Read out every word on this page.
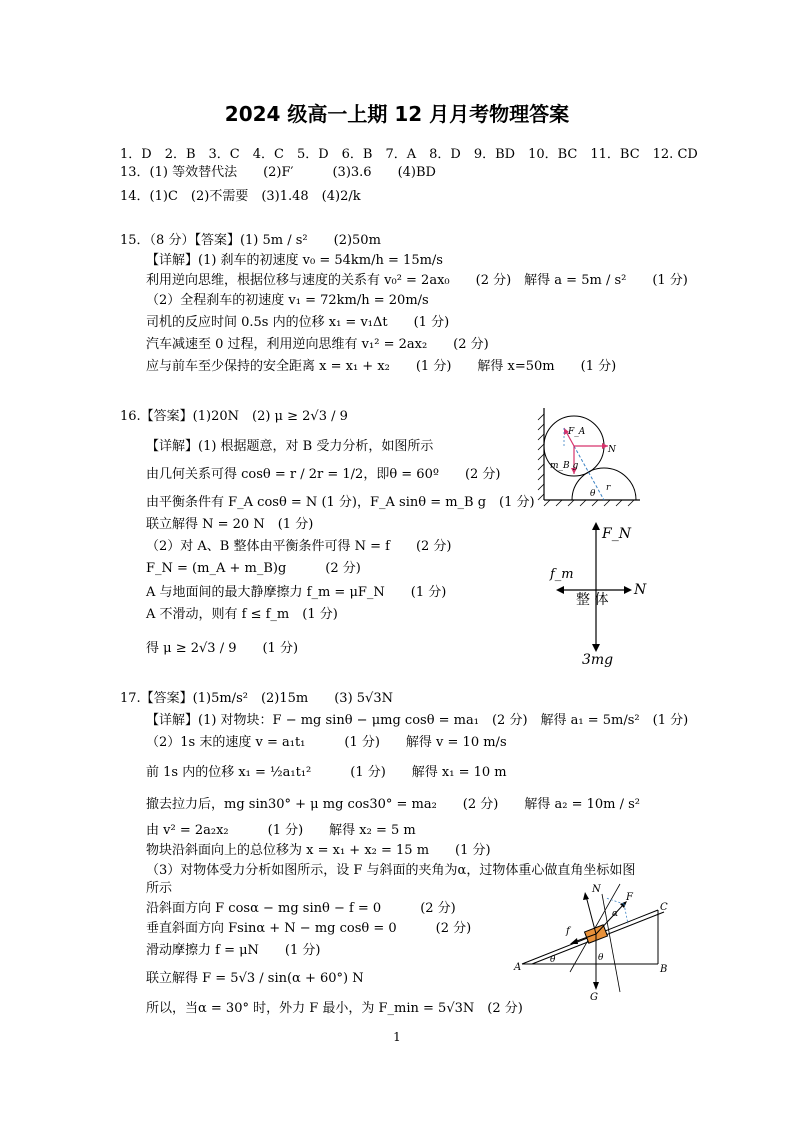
2024 级高一上期 12 月月考物理答案
1．D　2．B　3．C　4．C　5．D　6．B　7．A　8．D　9．BD　10．BC　11．BC　12. CD
13．(1) 等效替代法　　(2)F′　　　(3)3.6　　(4)BD
14．(1)C　(2)不需要　(3)1.48　(4)2/k
15．（8 分）【答案】(1) 5m / s²　　(2)50m
【详解】(1) 刹车的初速度 v₀ = 54km/h = 15m/s
利用逆向思维，根据位移与速度的关系有 v₀² = 2ax₀　　(2 分)　解得 a = 5m / s²　　(1 分)
（2）全程刹车的初速度 v₁ = 72km/h = 20m/s
司机的反应时间 0.5s 内的位移 x₁ = v₁Δt　　(1 分)
汽车减速至 0 过程，利用逆向思维有 v₁² = 2ax₂　　(2 分)
应与前车至少保持的安全距离 x = x₁ + x₂　　(1 分)　　解得 x=50m　　(1 分)
16.【答案】(1)20N　(2) μ ≥ 2√3 / 9
【详解】(1) 根据题意，对 B 受力分析，如图所示
由几何关系可得 cosθ = r / 2r = 1/2，即θ = 60º　　(2 分)
由平衡条件有 F_A cosθ = N (1 分)，F_A sinθ = m_B g　(1 分)
联立解得 N = 20 N　(1 分)
（2）对 A、B 整体由平衡条件可得 N = f　　(2 分)
F_N = (m_A + m_B)g　　　(2 分)
A 与地面间的最大静摩擦力 f_m = μF_N　　(1 分)
A 不滑动，则有 f ≤ f_m　(1 分)
得 μ ≥ 2√3 / 9　　(1 分)
17.【答案】(1)5m/s²　(2)15m　　(3) 5√3N
【详解】(1) 对物块：F − mg sinθ − μmg cosθ = ma₁　(2 分)　解得 a₁ = 5m/s²　(1 分)
（2）1s 末的速度 v = a₁t₁　　　(1 分)　　解得 v = 10 m/s
前 1s 内的位移 x₁ = ½a₁t₁²　　　(1 分)　　解得 x₁ = 10 m
撤去拉力后，mg sin30° + μ mg cos30° = ma₂　　(2 分)　　解得 a₂ = 10m / s²
由 v² = 2a₂x₂　　　(1 分)　　解得 x₂ = 5 m
物块沿斜面向上的总位移为 x = x₁ + x₂ = 15 m　　(1 分)
（3）对物体受力分析如图所示，设 F 与斜面的夹角为α，过物体重心做直角坐标如图
所示
沿斜面方向 F cosα − mg sinθ − f = 0　　　(2 分)
垂直斜面方向 Fsinα + N − mg cosθ = 0　　　(2 分)
滑动摩擦力 f = μN　　(1 分)
联立解得 F = 5√3 / sin(α + 60°) N
所以，当α = 30° 时，外力 F 最小，为 F_min = 5√3N　(2 分)
F_A
N
m_B g
θ
r
F_N
f_m
N
整 体
3mg
N
F
α
C
f
A
θ	θ
B
G
1
